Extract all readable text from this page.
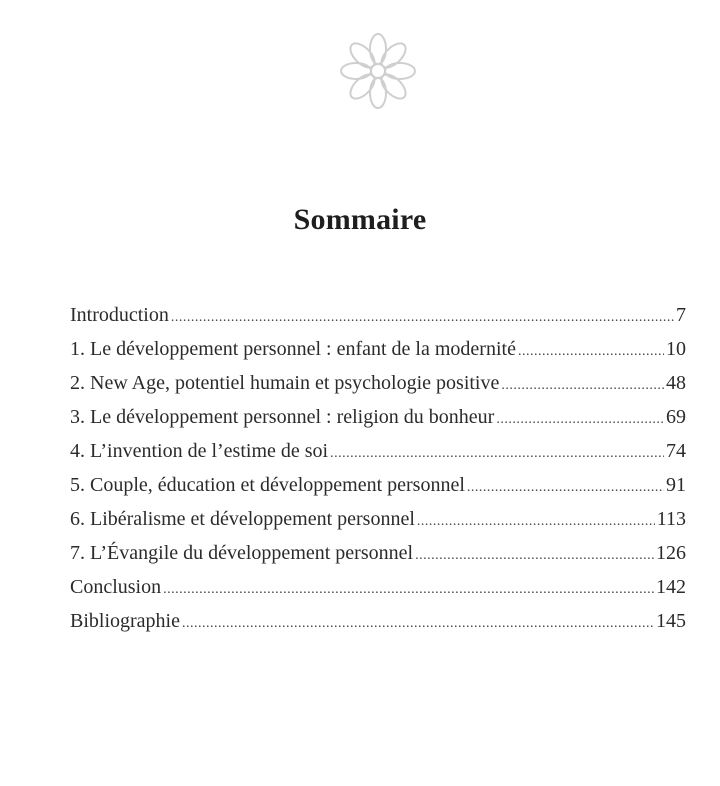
Sommaire
Introduction .....	7
1. Le développement personnel : enfant de la modernité .....	10
2. New Age, potentiel humain et psychologie positive .....	48
3. Le développement personnel : religion du bonheur .....	69
4. L’invention de l’estime de soi .....	74
5. Couple, éducation et développement personnel .....	91
6. Libéralisme et développement personnel .....	113
7. L’Évangile du développement personnel .....	126
Conclusion .....	142
Bibliographie .....	145
